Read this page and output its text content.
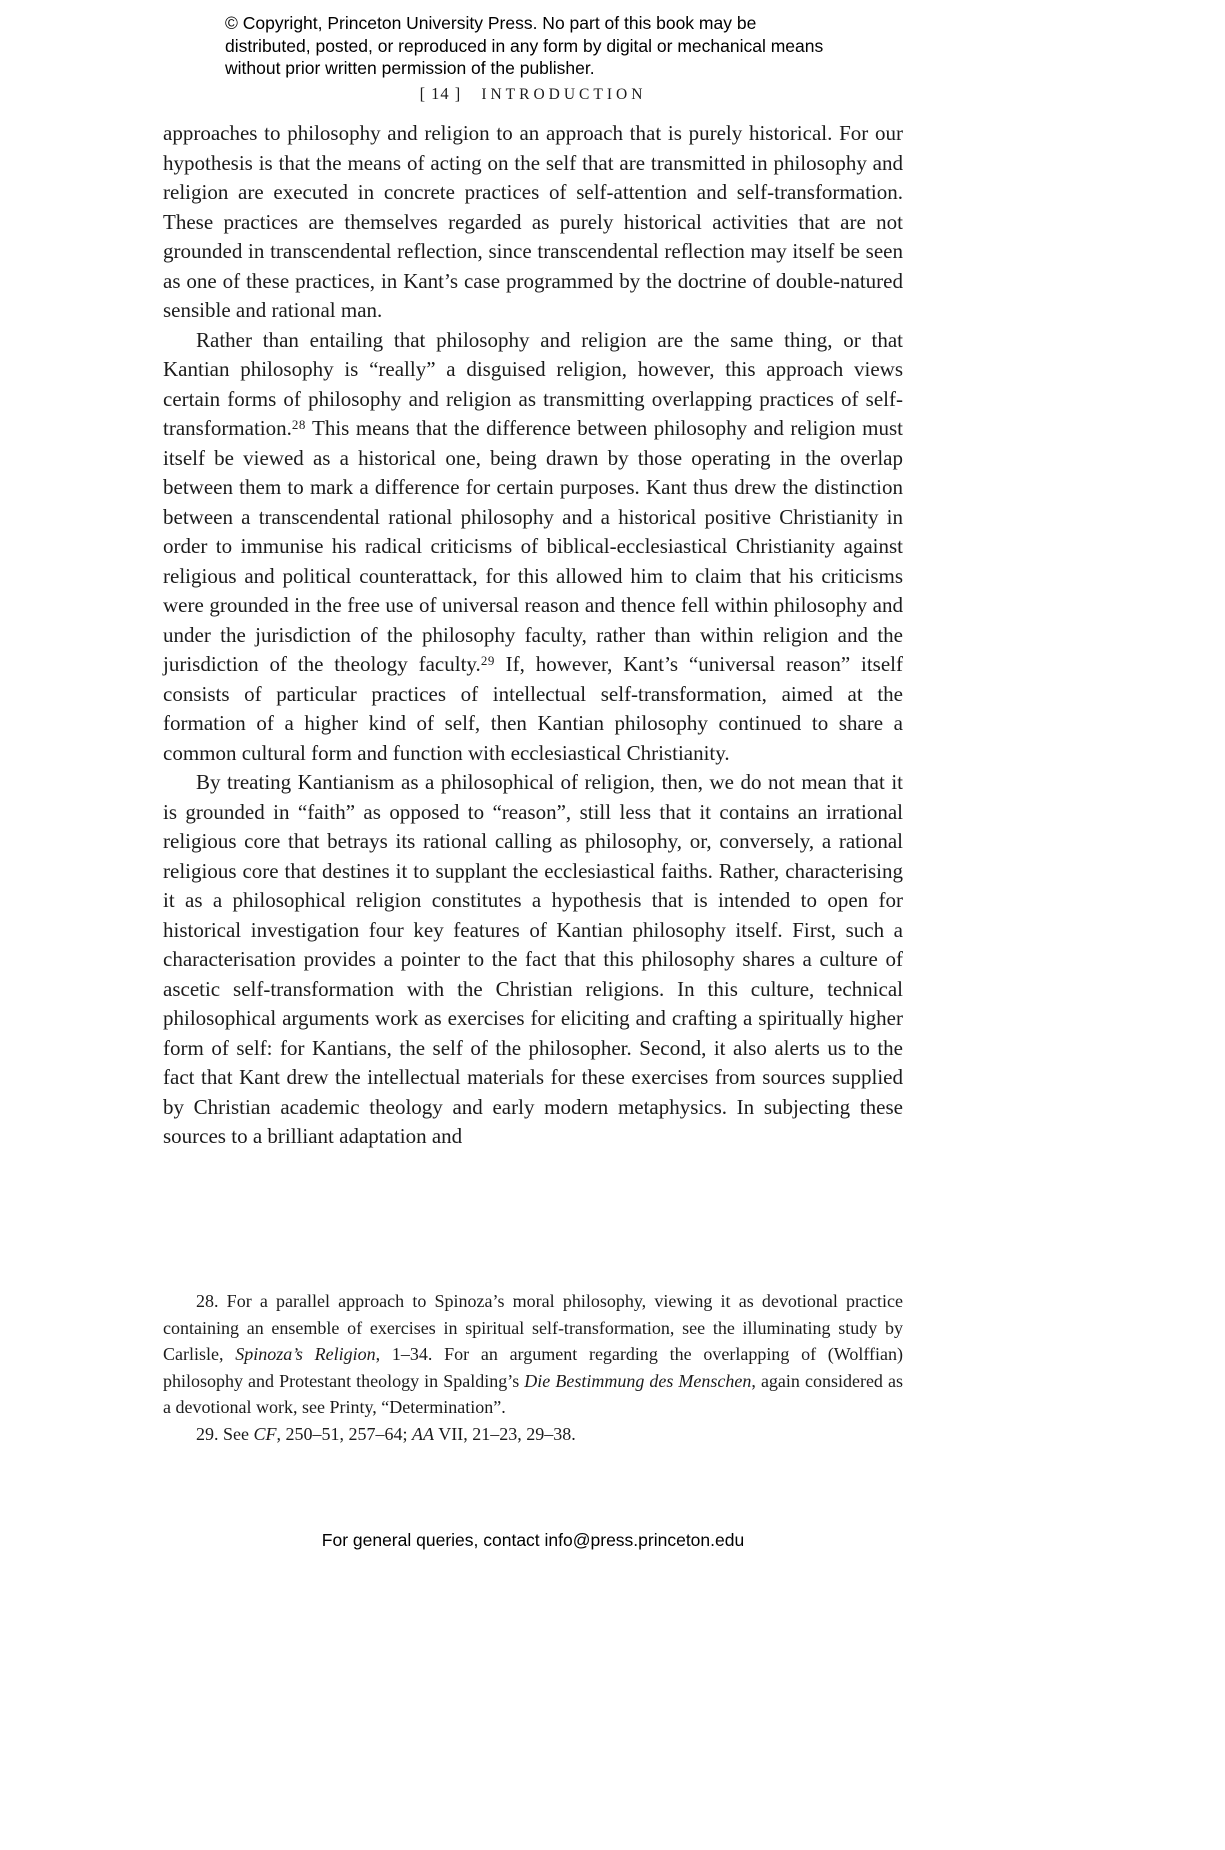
© Copyright, Princeton University Press. No part of this book may be distributed, posted, or reproduced in any form by digital or mechanical means without prior written permission of the publisher.
[ 14 ] INTRODUCTION

approaches to philosophy and religion to an approach that is purely historical. For our hypothesis is that the means of acting on the self that are transmitted in philosophy and religion are executed in concrete practices of self-attention and self-transformation. These practices are themselves regarded as purely historical activities that are not grounded in transcendental reflection, since transcendental reflection may itself be seen as one of these practices, in Kant’s case programmed by the doctrine of double-natured sensible and rational man.

Rather than entailing that philosophy and religion are the same thing, or that Kantian philosophy is “really” a disguised religion, however, this approach views certain forms of philosophy and religion as transmitting overlapping practices of self-transformation.$^{28}$ This means that the difference between philosophy and religion must itself be viewed as a historical one, being drawn by those operating in the overlap between them to mark a difference for certain purposes. Kant thus drew the distinction between a transcendental rational philosophy and a historical positive Christianity in order to immunise his radical criticisms of biblical-ecclesiastical Christianity against religious and political counterattack, for this allowed him to claim that his criticisms were grounded in the free use of universal reason and thence fell within philosophy and under the jurisdiction of the philosophy faculty, rather than within religion and the jurisdiction of the theology faculty.$^{29}$ If, however, Kant’s “universal reason” itself consists of particular practices of intellectual self-transformation, aimed at the formation of a higher kind of self, then Kantian philosophy continued to share a common cultural form and function with ecclesiastical Christianity.

By treating Kantianism as a philosophical of religion, then, we do not mean that it is grounded in “faith” as opposed to “reason”, still less that it contains an irrational religious core that betrays its rational calling as philosophy, or, conversely, a rational religious core that destines it to supplant the ecclesiastical faiths. Rather, characterising it as a philosophical religion constitutes a hypothesis that is intended to open for historical investigation four key features of Kantian philosophy itself. First, such a characterisation provides a pointer to the fact that this philosophy shares a culture of ascetic self-transformation with the Christian religions. In this culture, technical philosophical arguments work as exercises for eliciting and crafting a spiritually higher form of self: for Kantians, the self of the philosopher. Second, it also alerts us to the fact that Kant drew the intellectual materials for these exercises from sources supplied by Christian academic theology and early modern metaphysics. In subjecting these sources to a brilliant adaptation and

28. For a parallel approach to Spinoza’s moral philosophy, viewing it as devotional practice containing an ensemble of exercises in spiritual self-transformation, see the illuminating study by Carlisle, Spinoza’s Religion, 1–34. For an argument regarding the overlapping of (Wolffian) philosophy and Protestant theology in Spalding’s Die Bestimmung des Menschen, again considered as a devotional work, see Printy, “Determination”.

29. See CF, 250–51, 257–64; AA VII, 21–23, 29–38.

For general queries, contact info@press.princeton.edu
